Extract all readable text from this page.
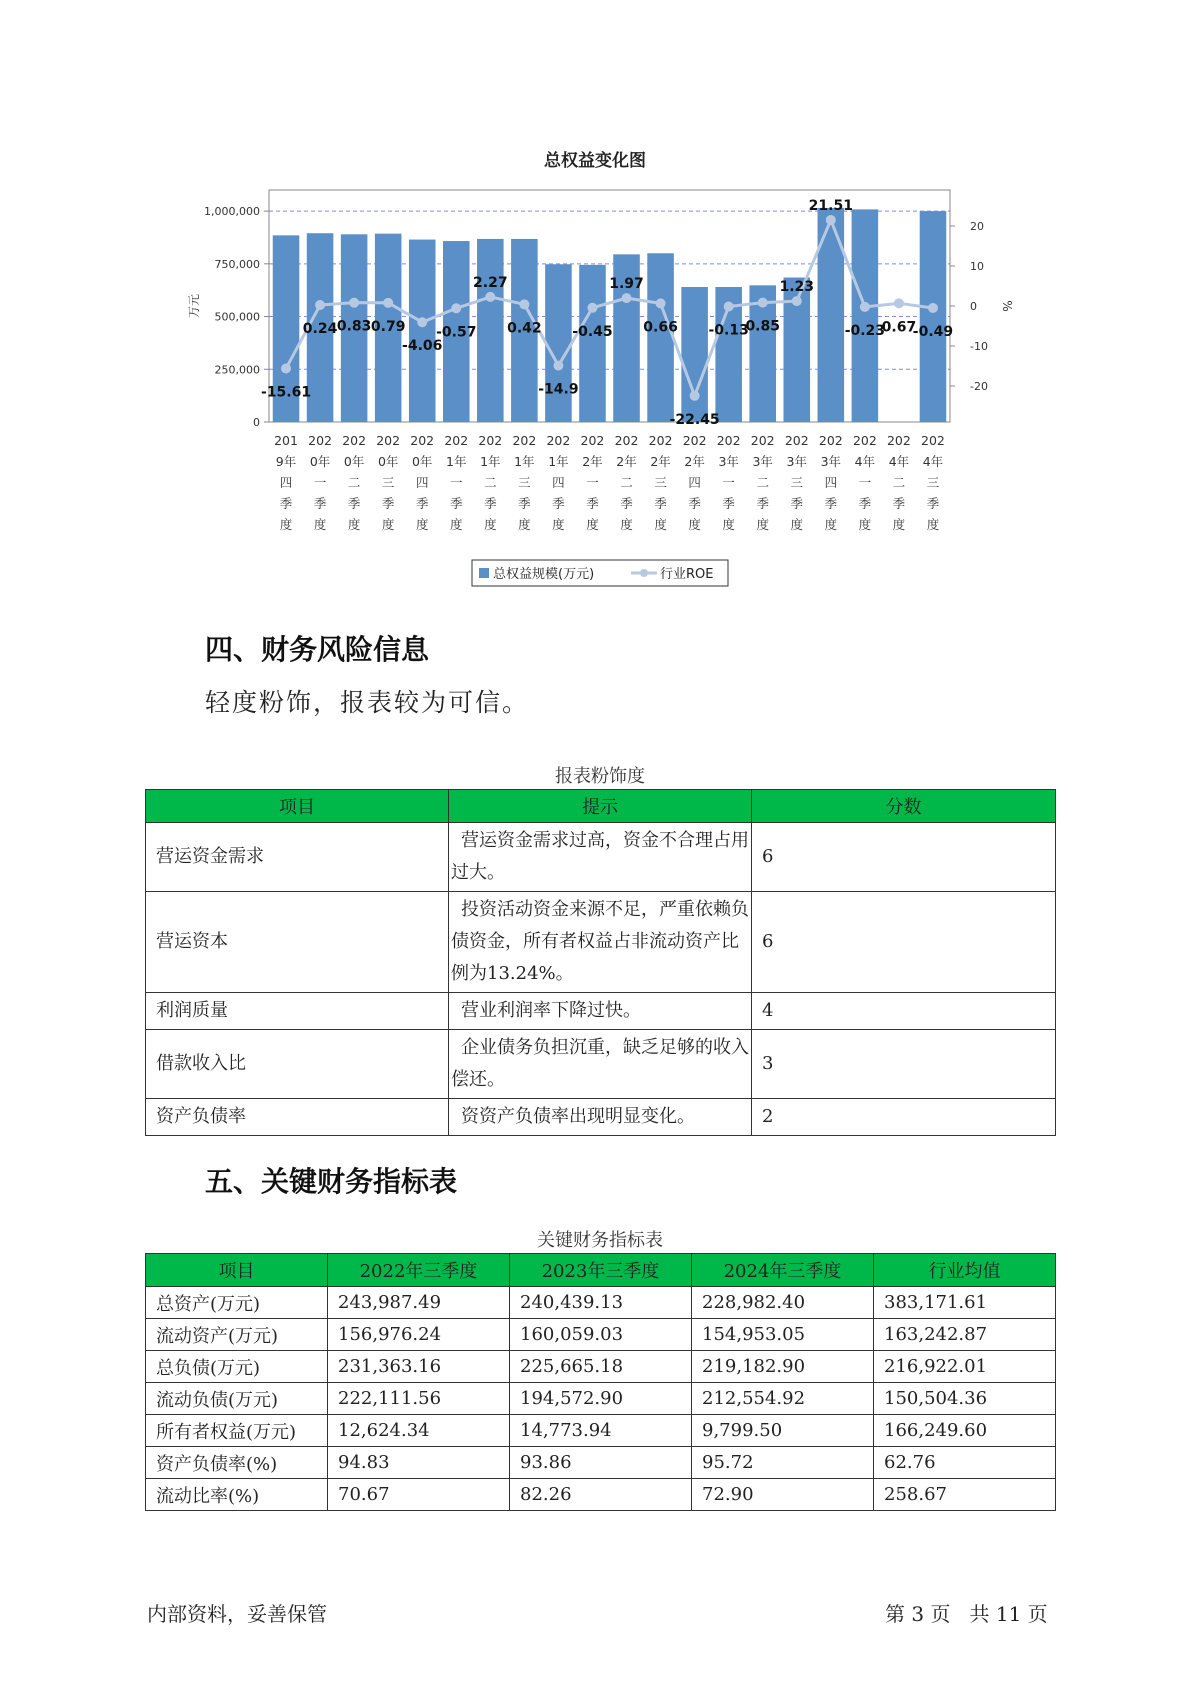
总权益变化图
0
250,000
500,000
750,000
1,000,000
-20
-10
0
10
20
万元	%
-15.61
0.24 0.83 0.79
-4.06
-0.57
2.27
0.42
-14.9
-0.45
1.97
0.66
-22.45
-0.13
0.85
1.23
21.51
-0.23
0.67
-0.49
201
9年
四
季
度
202
0年
一
季
度
202
0年
二
季
度
202
0年
三
季
度
202
0年
四
季
度
202
1年
一
季
度
202
1年
二
季
度
202
1年
三
季
度
202
1年
四
季
度
202
2年
一
季
度
202
2年
二
季
度
202
2年
三
季
度
202
2年
四
季
度
202
3年
一
季
度
202
3年
二
季
度
202
3年
三
季
度
202
3年
四
季
度
202
4年
一
季
度
202
4年
二
季
度
202
4年
三
季
度
总权益规模(万元)	行业ROE
四、财务风险信息
轻度粉饰，报表较为可信。
报表粉饰度
项目	提示	分数
营运资金需求	营运资金需求过高，资金不合理占用过大。	6
营运资本	投资活动资金来源不足，严重依赖负债资金，所有者权益占非流动资产比例为13.24%。	6
利润质量	营业利润率下降过快。	4
借款收入比	企业债务负担沉重，缺乏足够的收入偿还。	3
资产负债率	资资产负债率出现明显变化。	2
五、关键财务指标表
关键财务指标表
项目	2022年三季度	2023年三季度	2024年三季度	行业均值
总资产(万元)	243,987.49	240,439.13	228,982.40	383,171.61
流动资产(万元)	156,976.24	160,059.03	154,953.05	163,242.87
总负债(万元)	231,363.16	225,665.18	219,182.90	216,922.01
流动负债(万元)	222,111.56	194,572.90	212,554.92	150,504.36
所有者权益(万元)	12,624.34	14,773.94	9,799.50	166,249.60
资产负债率(%)	94.83	93.86	95.72	62.76
流动比率(%)	70.67	82.26	72.90	258.67
内部资料，妥善保管	第 3 页   共 11 页
